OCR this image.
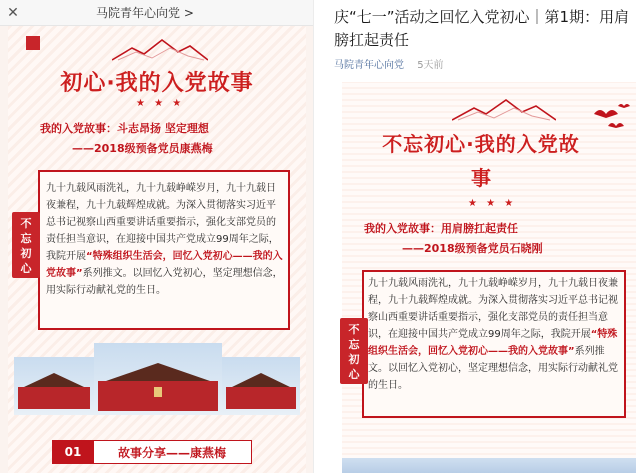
✕	马院青年心向党 >
初心·我的入党故事
★ ★ ★
我的入党故事：斗志昂扬 坚定理想
——2018级预备党员康燕梅
不忘初心
九十九载风雨洗礼，九十九载峥嵘岁月，九十九载日夜兼程，九十九载辉煌成就。为深入贯彻落实习近平总书记视察山西重要讲话重要指示，强化支部党员的责任担当意识，在迎接中国共产党成立99周年之际，我院开展“特殊组织生活会，回忆入党初心——我的入党故事”系列推文。以回忆入党初心，坚定理想信念，用实际行动献礼党的生日。
01	故事分享——康燕梅
庆“七一”活动之回忆入党初心｜第1期：用肩膀扛起责任
马院青年心向党 5天前
不忘初心·我的入党故
事
★ ★ ★
我的入党故事：用肩膀扛起责任
——2018级预备党员石晓刚
不忘初心
九十九载风雨洗礼，九十九载峥嵘岁月，九十九载日夜兼程，九十九载辉煌成就。为深入贯彻落实习近平总书记视察山西重要讲话重要指示，强化支部党员的责任担当意识，在迎接中国共产党成立99周年之际，我院开展“特殊组织生活会，回忆入党初心——我的入党故事”系列推文。以回忆入党初心，坚定理想信念，用实际行动献礼党的生日。
